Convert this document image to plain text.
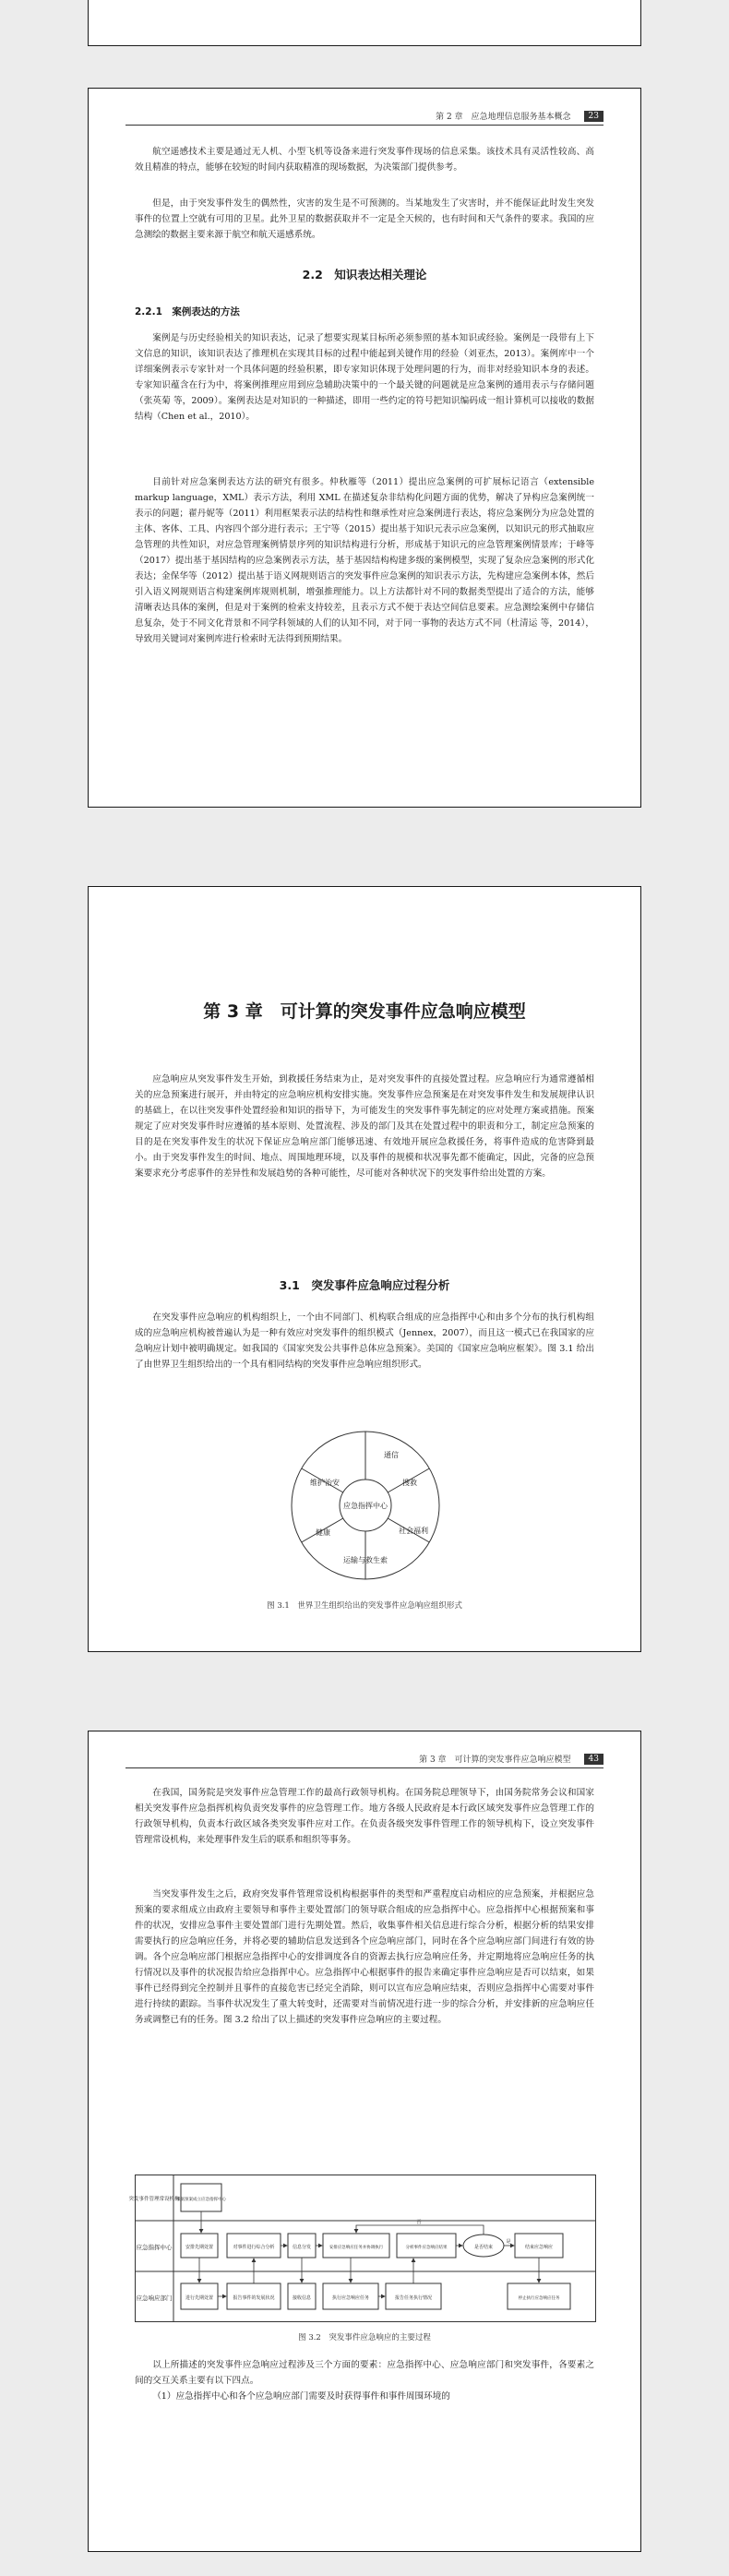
第 2 章　应急地理信息服务基本概念	23

航空遥感技术主要是通过无人机、小型飞机等设备来进行突发事件现场的信息采集。该技术具有灵活性较高、高效且精准的特点，能够在较短的时间内获取精准的现场数据，为决策部门提供参考。

但是，由于突发事件发生的偶然性，灾害的发生是不可预测的。当某地发生了灾害时，并不能保证此时发生突发事件的位置上空就有可用的卫星。此外卫星的数据获取并不一定是全天候的，也有时间和天气条件的要求。我国的应急测绘的数据主要来源于航空和航天遥感系统。

2.2　知识表达相关理论
2.2.1　案例表达的方法

案例是与历史经验相关的知识表达，记录了想要实现某目标所必须参照的基本知识或经验。案例是一段带有上下文信息的知识，该知识表达了推理机在实现其目标的过程中能起到关键作用的经验（刘亚杰，2013）。案例库中一个详细案例表示专家针对一个具体问题的经验积累，即专家知识体现于处理问题的行为，而非对经验知识本身的表述。专家知识蕴含在行为中，将案例推理应用到应急辅助决策中的一个最关键的问题就是应急案例的通用表示与存储问题（张英菊 等，2009）。案例表达是对知识的一种描述，即用一些约定的符号把知识编码成一组计算机可以接收的数据结构（Chen et al.，2010）。

目前针对应急案例表达方法的研究有很多。仲秋雁等（2011）提出应急案例的可扩展标记语言（extensible markup language，XML）表示方法，利用 XML 在描述复杂非结构化问题方面的优势，解决了异构应急案例统一表示的问题；翟丹妮等（2011）利用框架表示法的结构性和继承性对应急案例进行表达，将应急案例分为应急处置的主体、客体、工具、内容四个部分进行表示；王宁等（2015）提出基于知识元表示应急案例，以知识元的形式抽取应急管理的共性知识，对应急管理案例情景序列的知识结构进行分析，形成基于知识元的应急管理案例情景库；于峰等（2017）提出基于基因结构的应急案例表示方法，基于基因结构构建多级的案例模型，实现了复杂应急案例的形式化表达；金保华等（2012）提出基于语义网规则语言的突发事件应急案例的知识表示方法，先构建应急案例本体，然后引入语义网规则语言构建案例库规则机制，增强推理能力。以上方法都针对不同的数据类型提出了适合的方法，能够清晰表达具体的案例，但是对于案例的检索支持较差，且表示方式不便于表达空间信息要素。应急测绘案例中存储信息复杂，处于不同文化背景和不同学科领域的人们的认知不同，对于同一事物的表达方式不同（杜清运 等，2014），导致用关键词对案例库进行检索时无法得到预期结果。

第 3 章　可计算的突发事件应急响应模型

应急响应从突发事件发生开始，到救援任务结束为止，是对突发事件的直接处置过程。应急响应行为通常遵循相关的应急预案进行展开，并由特定的应急响应机构安排实施。突发事件应急预案是在对突发事件发生和发展规律认识的基础上，在以往突发事件处置经验和知识的指导下，为可能发生的突发事件事先制定的应对处理方案或措施。预案规定了应对突发事件时应遵循的基本原则、处置流程、涉及的部门及其在处置过程中的职责和分工，制定应急预案的目的是在突发事件发生的状况下保证应急响应部门能够迅速、有效地开展应急救援任务，将事件造成的危害降到最小。由于突发事件发生的时间、地点、周围地理环境，以及事件的规模和状况事先都不能确定，因此，完备的应急预案要求充分考虑事件的差异性和发展趋势的各种可能性，尽可能对各种状况下的突发事件给出处置的方案。

3.1　突发事件应急响应过程分析

在突发事件应急响应的机构组织上，一个由不同部门、机构联合组成的应急指挥中心和由多个分布的执行机构组成的应急响应机构被普遍认为是一种有效应对突发事件的组织模式（Jennex，2007），而且这一模式已在我国家的应急响应计划中被明确规定。如我国的《国家突发公共事件总体应急预案》。美国的《国家应急响应框架》。图 3.1 给出了由世界卫生组织给出的一个具有相同结构的突发事件应急响应组织形式。

应急指挥中心
通信
维护治安	搜救
社会福利
健康
运输与救生索
图 3.1　世界卫生组织给出的突发事件应急响应组织形式
第 3 章　可计算的突发事件应急响应模型	43

在我国，国务院是突发事件应急管理工作的最高行政领导机构。在国务院总理领导下，由国务院常务会议和国家相关突发事件应急指挥机构负责突发事件的应急管理工作。地方各级人民政府是本行政区域突发事件应急管理工作的行政领导机构，负责本行政区域各类突发事件应对工作。在负责各级突发事件管理工作的领导机构下，设立突发事件管理常设机构，来处理事件发生后的联系和组织等事务。

当突发事件发生之后，政府突发事件管理常设机构根据事件的类型和严重程度启动相应的应急预案，并根据应急预案的要求组成立由政府主要领导和事件主要处置部门的领导联合组成的应急指挥中心。应急指挥中心根据预案和事件的状况，安排应急事件主要处置部门进行先期处置。然后，收集事件相关信息进行综合分析，根据分析的结果安排需要执行的应急响应任务，并将必要的辅助信息发送到各个应急响应部门，同时在各个应急响应部门间进行有效的协调。各个应急响应部门根据应急指挥中心的安排调度各自的资源去执行应急响应任务，并定期地将应急响应任务的执行情况以及事件的状况报告给应急指挥中心。应急指挥中心根据事件的报告来确定事件应急响应是否可以结束，如果事件已经得到完全控制并且事件的直接危害已经完全消除，则可以宣布应急响应结束，否则应急指挥中心需要对事件进行持续的跟踪。当事件状况发生了重大转变时，还需要对当前情况进行进一步的综合分析，并安排新的应急响应任务或调整已有的任务。图 3.2 给出了以上描述的突发事件应急响应的主要过程。

突发事件管理常设机构
应急指挥中心
应急响应部门
根据预案成立应急指挥中心
安排先期处置	对事件进行综合分析	信息分发	安排应急响应任务并协调执行	分析事件应急响应结果	是否结束	结束应急响应
进行先期处置	报告事件的发展状况	接收信息	执行应急响应任务	报告任务执行情况	停止执行应急响应任务
否
是
图 3.2　突发事件应急响应的主要过程

以上所描述的突发事件应急响应过程涉及三个方面的要素：应急指挥中心、应急响应部门和突发事件，各要素之间的交互关系主要有以下四点。

（1）应急指挥中心和各个应急响应部门需要及时获得事件和事件周围环境的
